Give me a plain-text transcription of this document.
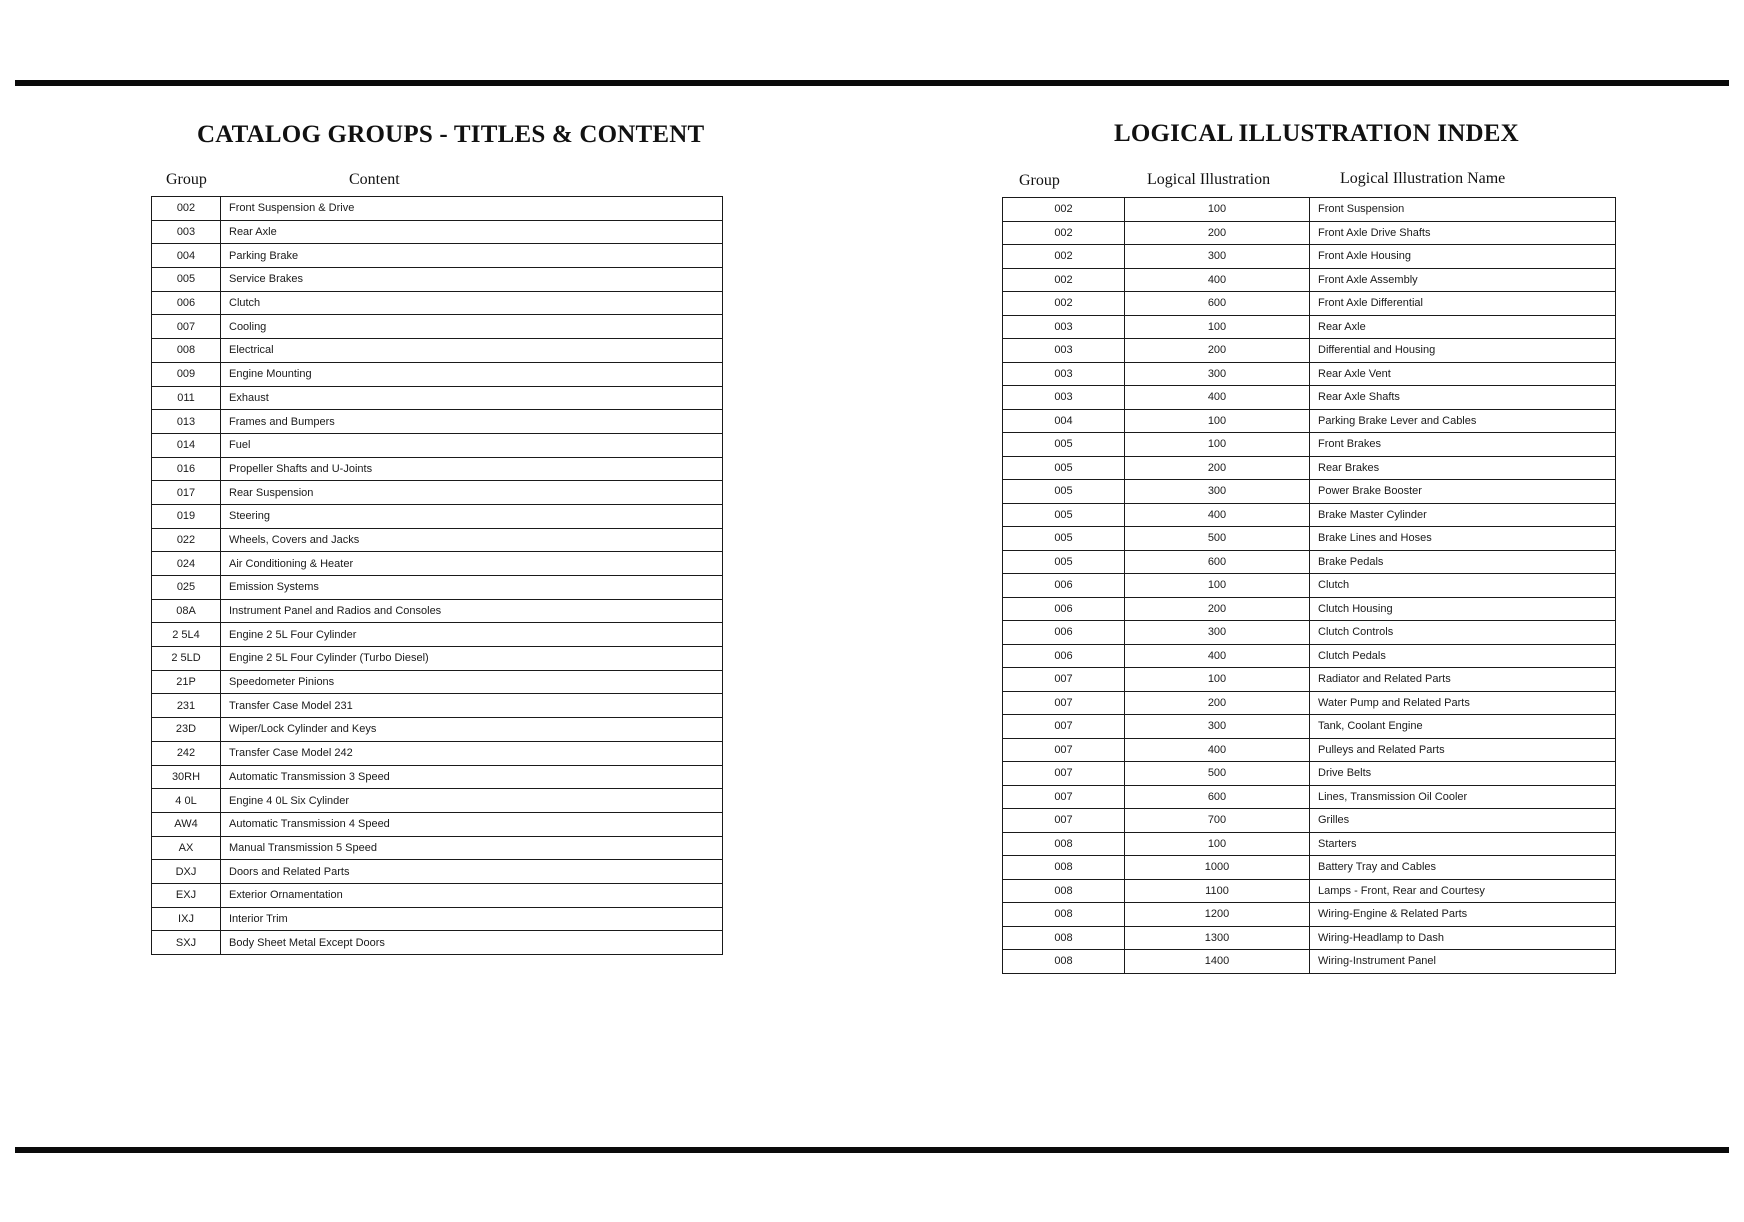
CATALOG GROUPS - TITLES & CONTENT
Group	Content
002	Front Suspension & Drive
003	Rear Axle
004	Parking Brake
005	Service Brakes
006	Clutch
007	Cooling
008	Electrical
009	Engine Mounting
011	Exhaust
013	Frames and Bumpers
014	Fuel
016	Propeller Shafts and U-Joints
017	Rear Suspension
019	Steering
022	Wheels, Covers and Jacks
024	Air Conditioning & Heater
025	Emission Systems
08A	Instrument Panel and Radios and Consoles
2 5L4	Engine 2 5L Four Cylinder
2 5LD	Engine 2 5L Four Cylinder (Turbo Diesel)
21P	Speedometer Pinions
231	Transfer Case Model 231
23D	Wiper/Lock Cylinder and Keys
242	Transfer Case Model 242
30RH	Automatic Transmission 3 Speed
4 0L	Engine 4 0L Six Cylinder
AW4	Automatic Transmission 4 Speed
AX	Manual Transmission 5 Speed
DXJ	Doors and Related Parts
EXJ	Exterior Ornamentation
IXJ	Interior Trim
SXJ	Body Sheet Metal Except Doors
LOGICAL ILLUSTRATION INDEX
Group	Logical Illustration	Logical Illustration Name
002	100	Front Suspension
002	200	Front Axle Drive Shafts
002	300	Front Axle Housing
002	400	Front Axle Assembly
002	600	Front Axle Differential
003	100	Rear Axle
003	200	Differential and Housing
003	300	Rear Axle Vent
003	400	Rear Axle Shafts
004	100	Parking Brake Lever and Cables
005	100	Front Brakes
005	200	Rear Brakes
005	300	Power Brake Booster
005	400	Brake Master Cylinder
005	500	Brake Lines and Hoses
005	600	Brake Pedals
006	100	Clutch
006	200	Clutch Housing
006	300	Clutch Controls
006	400	Clutch Pedals
007	100	Radiator and Related Parts
007	200	Water Pump and Related Parts
007	300	Tank, Coolant Engine
007	400	Pulleys and Related Parts
007	500	Drive Belts
007	600	Lines, Transmission Oil Cooler
007	700	Grilles
008	100	Starters
008	1000	Battery Tray and Cables
008	1100	Lamps - Front, Rear and Courtesy
008	1200	Wiring-Engine & Related Parts
008	1300	Wiring-Headlamp to Dash
008	1400	Wiring-Instrument Panel
